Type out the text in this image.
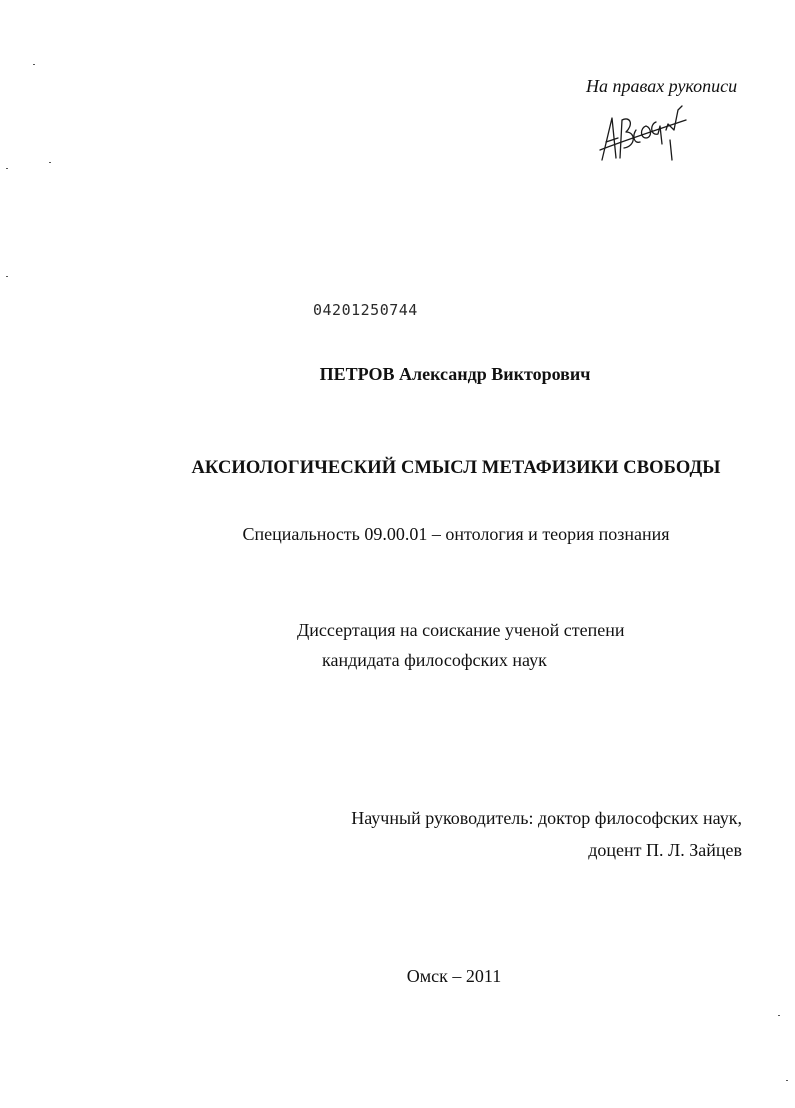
На правах рукописи
04201250744
ПЕТРОВ Александр Викторович
АКСИОЛОГИЧЕСКИЙ СМЫСЛ МЕТАФИЗИКИ СВОБОДЫ
Специальность 09.00.01 – онтология и теория познания
Диссертация на соискание ученой степени
кандидата философских наук
Научный руководитель: доктор философских наук,
доцент П. Л. Зайцев
Омск – 2011
